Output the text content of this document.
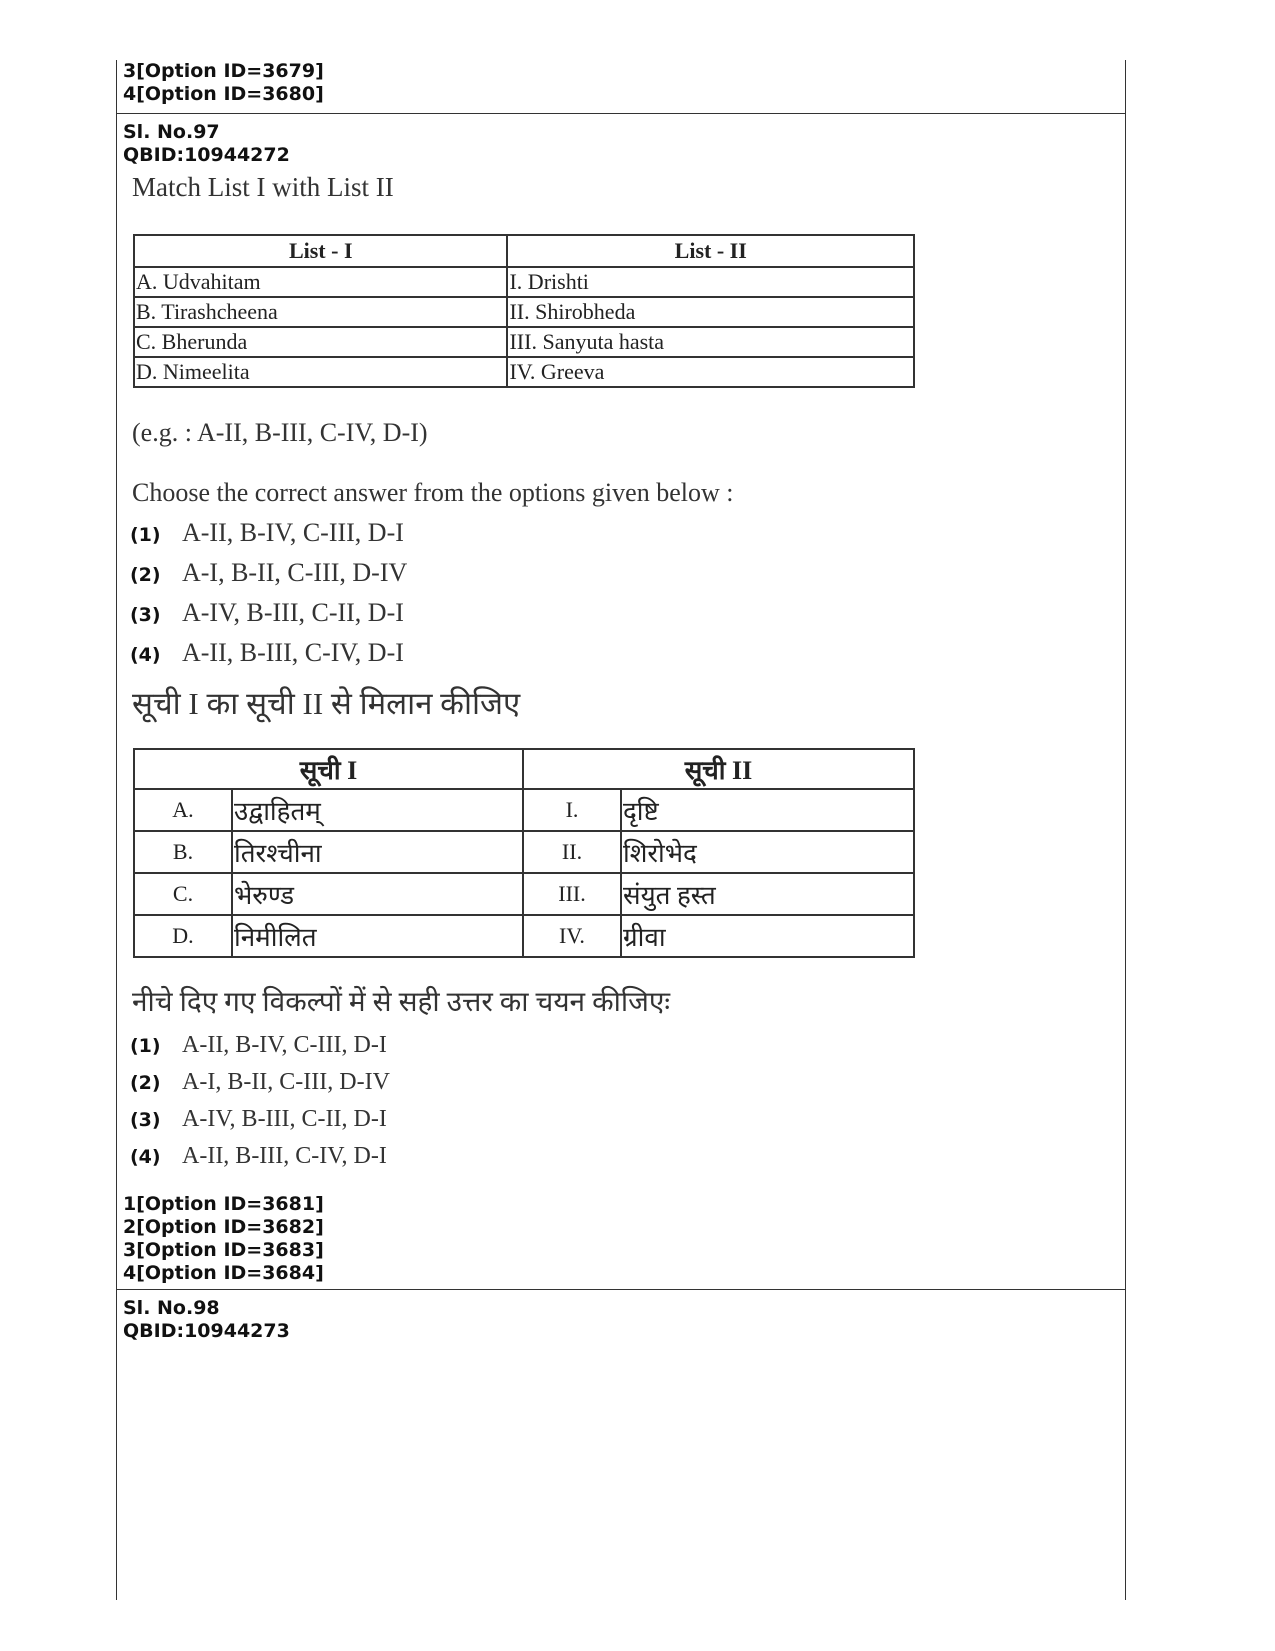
3[Option ID=3679]
4[Option ID=3680]
Sl. No.97
QBID:10944272
Match List I with List II
List - I	List - II
A. Udvahitam	I. Drishti
B. Tirashcheena	II. Shirobheda
C. Bherunda	III. Sanyuta hasta
D. Nimeelita	IV. Greeva
(e.g. : A-II, B-III, C-IV, D-I)
Choose the correct answer from the options given below :
(1) A-II, B-IV, C-III, D-I
(2) A-I, B-II, C-III, D-IV
(3) A-IV, B-III, C-II, D-I
(4) A-II, B-III, C-IV, D-I
सूची I का सूची II से मिलान कीजिए
सूची I		सूची II	
A.	उद्वाहितम्	I.	दृष्टि
B.	तिरश्चीना	II.	शिरोभेद
C.	भेरुण्ड	III.	संयुत हस्त
D.	निमीलित	IV.	ग्रीवा
नीचे दिए गए विकल्पों में से सही उत्तर का चयन कीजिएः
(1) A-II, B-IV, C-III, D-I
(2) A-I, B-II, C-III, D-IV
(3) A-IV, B-III, C-II, D-I
(4) A-II, B-III, C-IV, D-I
1[Option ID=3681]
2[Option ID=3682]
3[Option ID=3683]
4[Option ID=3684]
Sl. No.98
QBID:10944273
